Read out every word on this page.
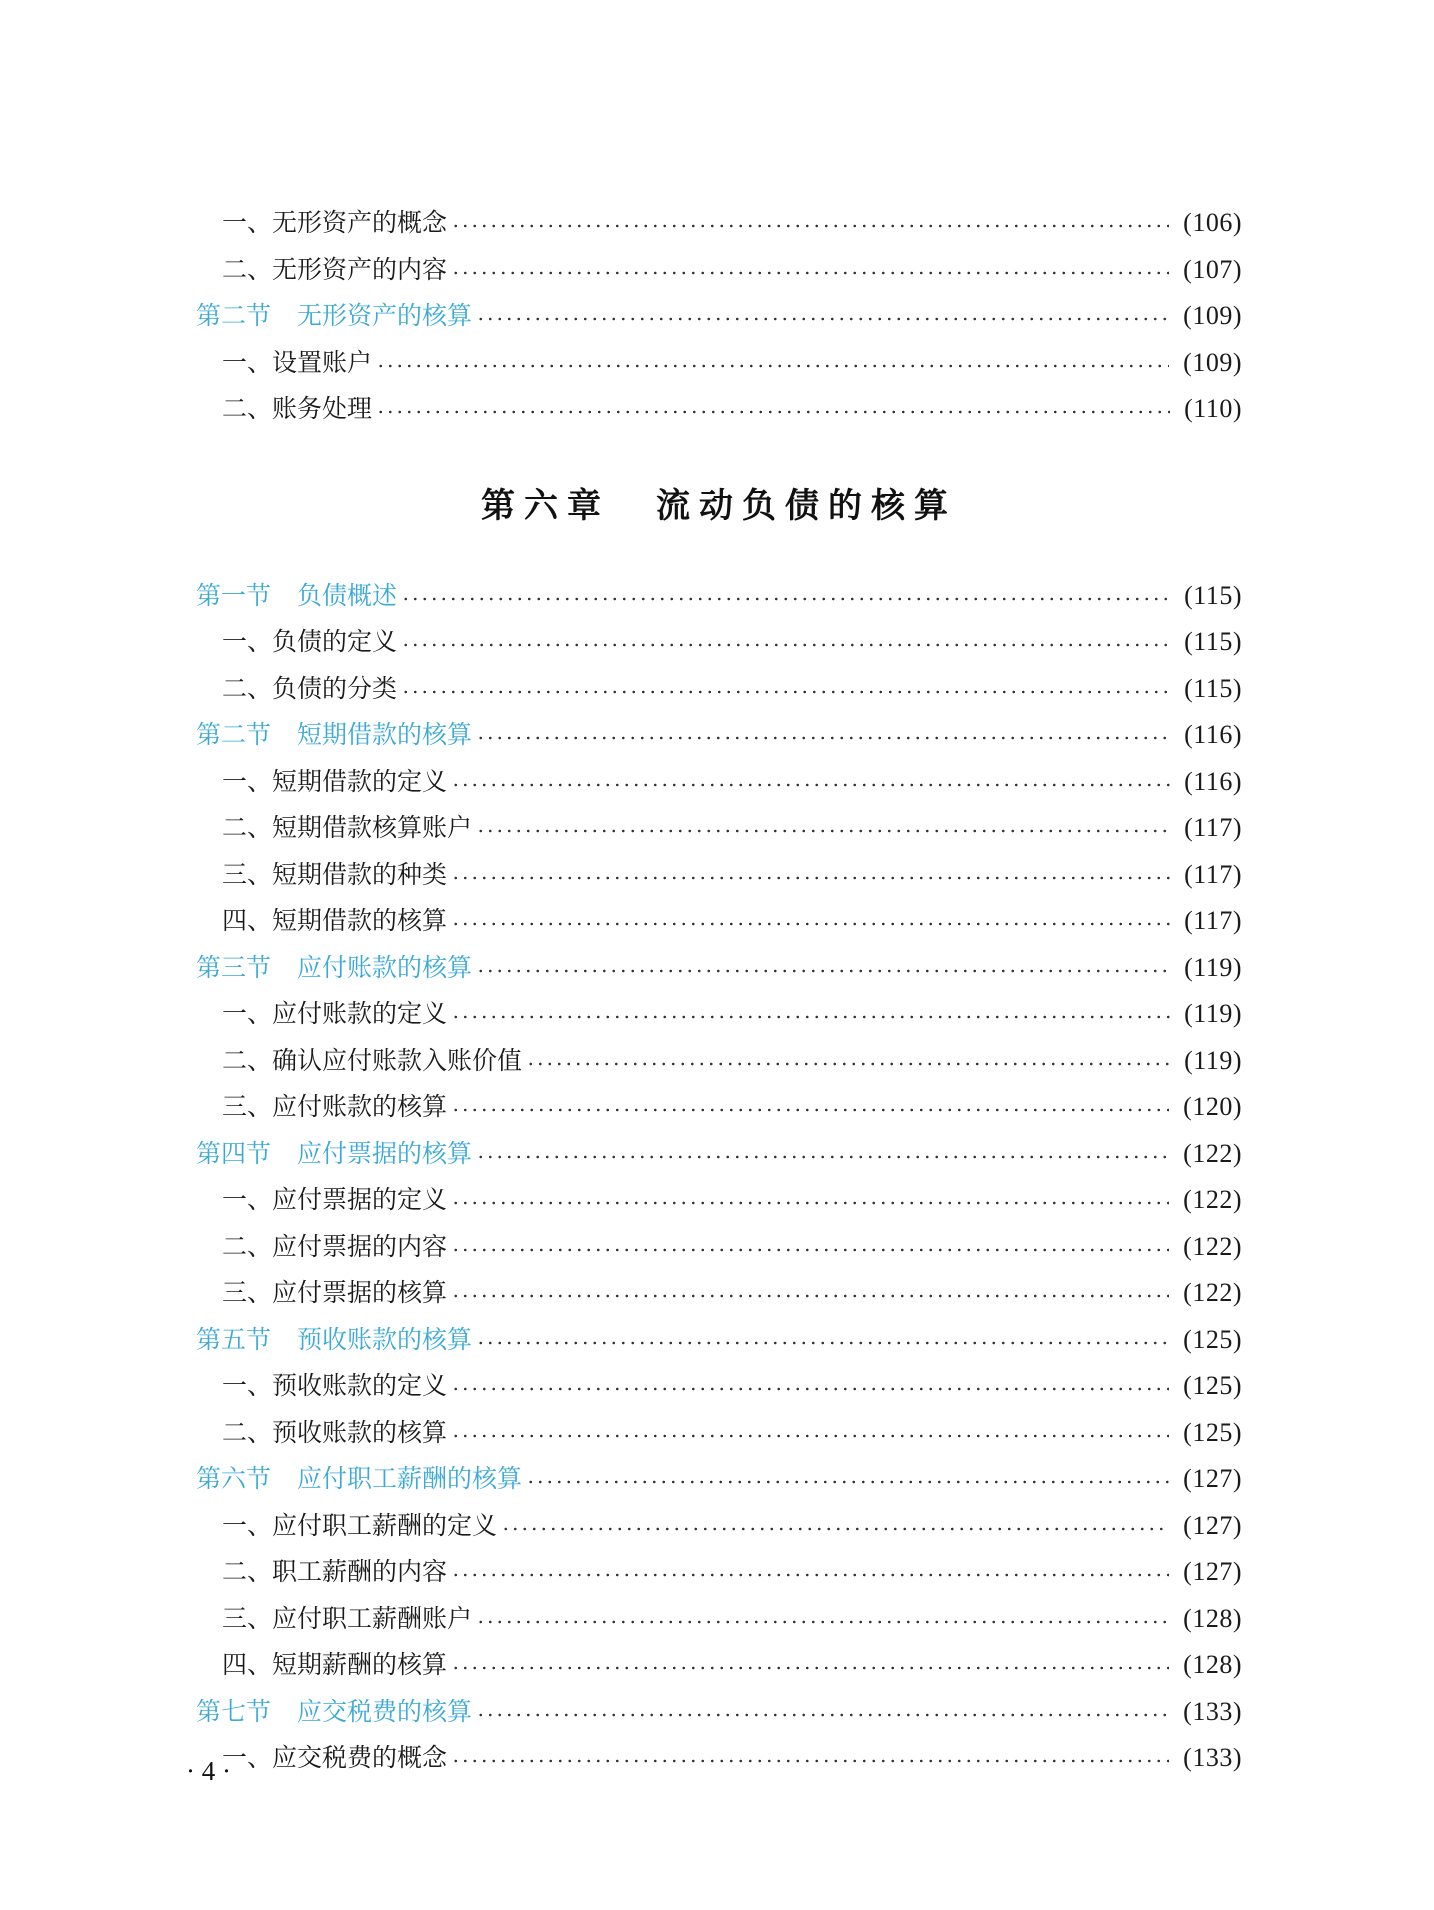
一、无形资产的概念	(106)
二、无形资产的内容	(107)
第二节 无形资产的核算	(109)
一、设置账户	(109)
二、账务处理	(110)
第六章 流动负债的核算
第一节 负债概述	(115)
一、负债的定义	(115)
二、负债的分类	(115)
第二节 短期借款的核算	(116)
一、短期借款的定义	(116)
二、短期借款核算账户	(117)
三、短期借款的种类	(117)
四、短期借款的核算	(117)
第三节 应付账款的核算	(119)
一、应付账款的定义	(119)
二、确认应付账款入账价值	(119)
三、应付账款的核算	(120)
第四节 应付票据的核算	(122)
一、应付票据的定义	(122)
二、应付票据的内容	(122)
三、应付票据的核算	(122)
第五节 预收账款的核算	(125)
一、预收账款的定义	(125)
二、预收账款的核算	(125)
第六节 应付职工薪酬的核算	(127)
一、应付职工薪酬的定义	(127)
二、职工薪酬的内容	(127)
三、应付职工薪酬账户	(128)
四、短期薪酬的核算	(128)
第七节 应交税费的核算	(133)
一、应交税费的概念	(133)
· 4 ·
